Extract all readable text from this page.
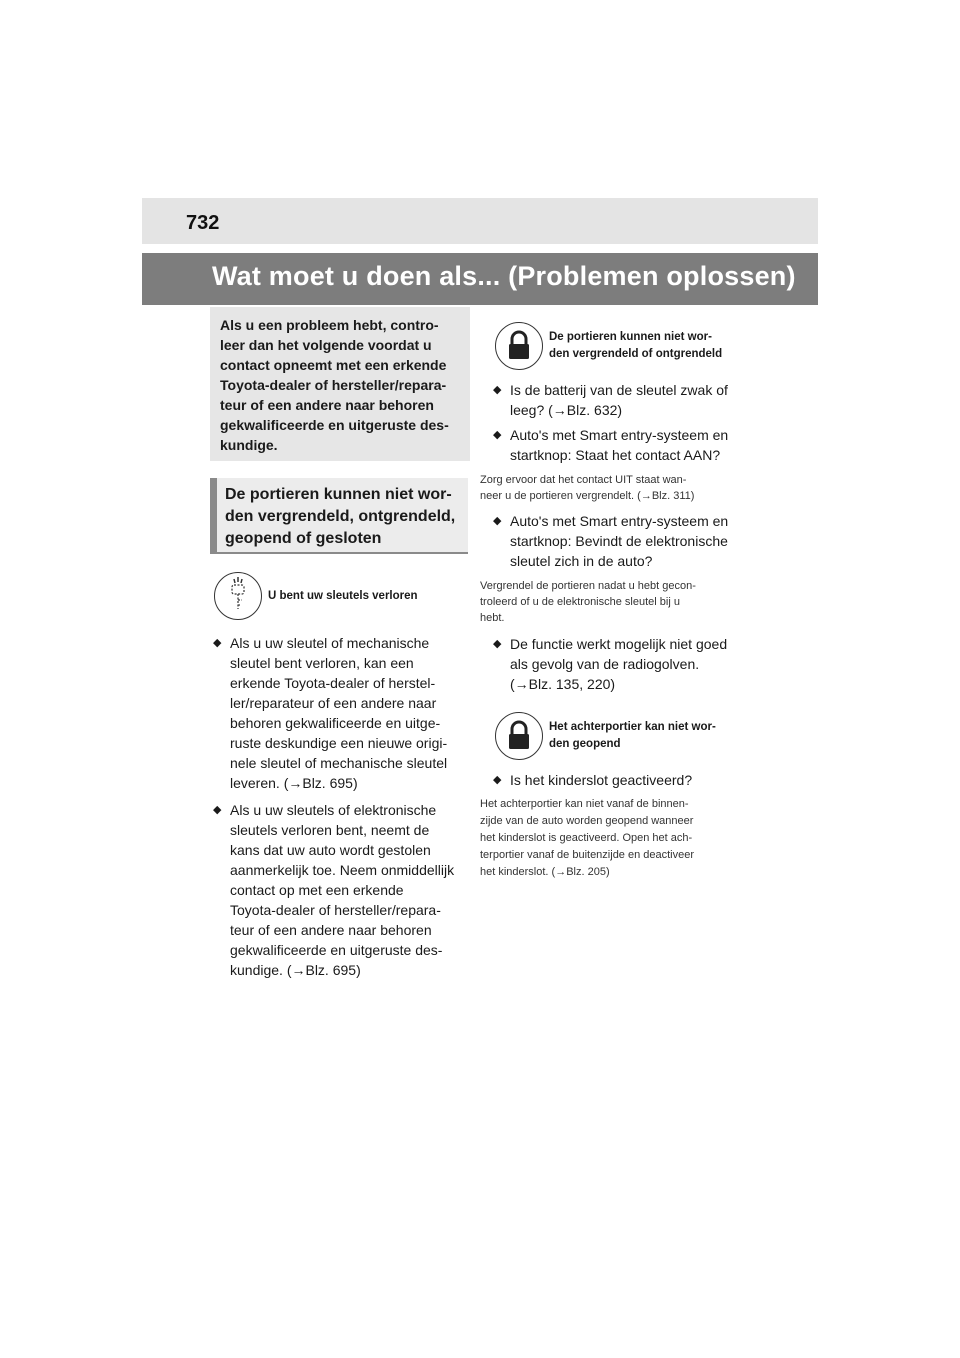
732
Wat moet u doen als... (Problemen oplossen)
Als u een probleem hebt, contro-
leer dan het volgende voordat u
contact opneemt met een erkende
Toyota-dealer of hersteller/repara-
teur of een andere naar behoren
gekwalificeerde en uitgeruste des-
kundige.
De portieren kunnen niet wor-
den vergrendeld, ontgrendeld,
geopend of gesloten
U bent uw sleutels verloren
◆ Als u uw sleutel of mechanische
sleutel bent verloren, kan een
erkende Toyota-dealer of herstel-
ler/reparateur of een andere naar
behoren gekwalificeerde en uitge-
ruste deskundige een nieuwe origi-
nele sleutel of mechanische sleutel
leveren. (→Blz. 695)
◆ Als u uw sleutels of elektronische
sleutels verloren bent, neemt de
kans dat uw auto wordt gestolen
aanmerkelijk toe. Neem onmiddellijk
contact op met een erkende
Toyota-dealer of hersteller/repara-
teur of een andere naar behoren
gekwalificeerde en uitgeruste des-
kundige. (→Blz. 695)
De portieren kunnen niet wor-
den vergrendeld of ontgrendeld
◆ Is de batterij van de sleutel zwak of
leeg? (→Blz. 632)
◆ Auto's met Smart entry-systeem en
startknop: Staat het contact AAN?
Zorg ervoor dat het contact UIT staat wan-
neer u de portieren vergrendelt. (→Blz. 311)
◆ Auto's met Smart entry-systeem en
startknop: Bevindt de elektronische
sleutel zich in de auto?
Vergrendel de portieren nadat u hebt gecon-
troleerd of u de elektronische sleutel bij u
hebt.
◆ De functie werkt mogelijk niet goed
als gevolg van de radiogolven.
(→Blz. 135, 220)
Het achterportier kan niet wor-
den geopend
◆ Is het kinderslot geactiveerd?
Het achterportier kan niet vanaf de binnen-
zijde van de auto worden geopend wanneer
het kinderslot is geactiveerd. Open het ach-
terportier vanaf de buitenzijde en deactiveer
het kinderslot. (→Blz. 205)
